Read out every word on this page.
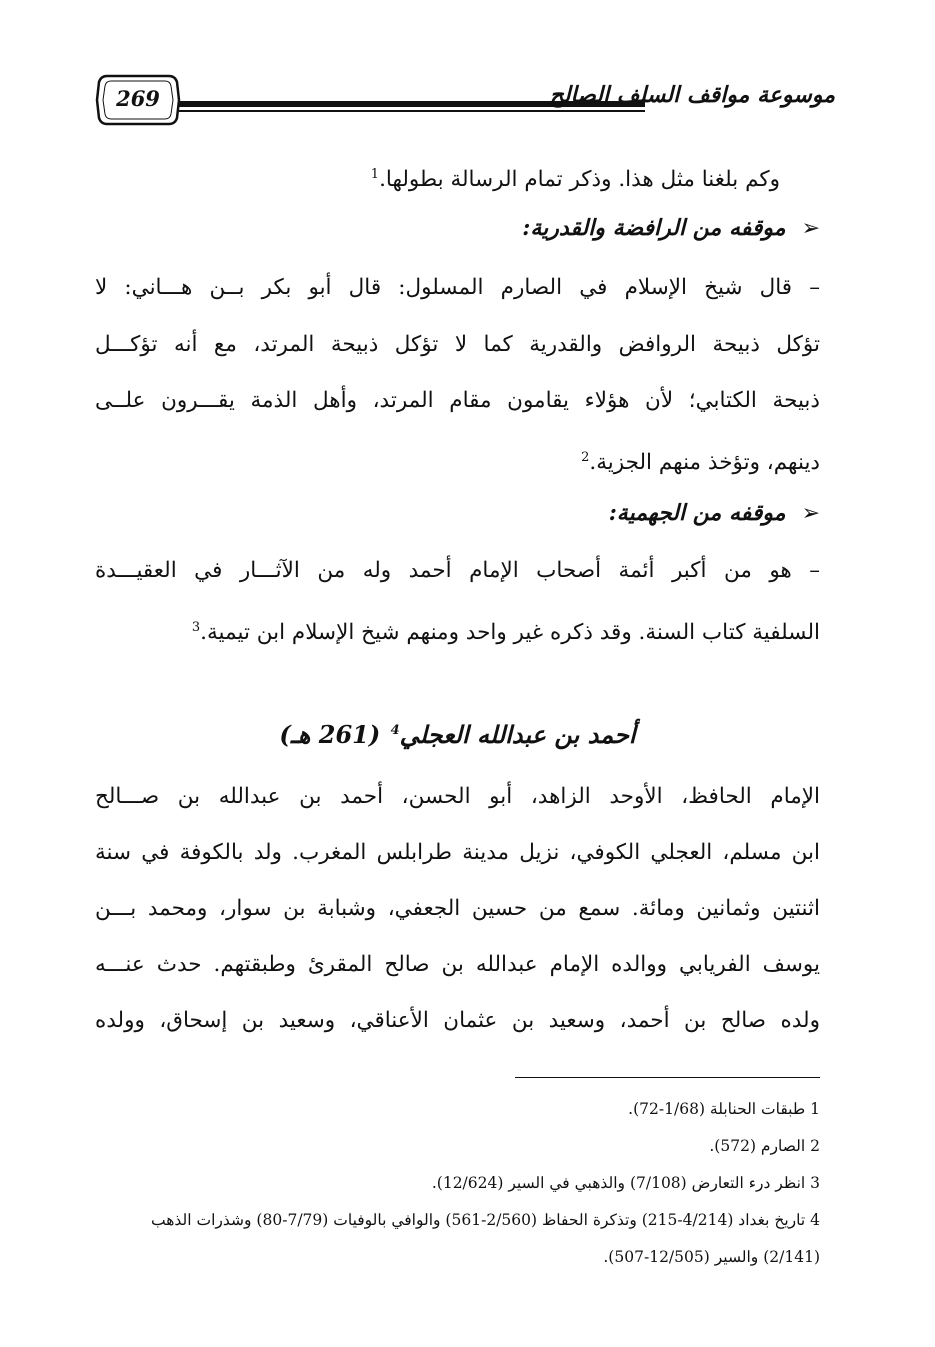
269	موسوعة مواقف السلف الصالح
وكم بلغنا مثل هذا. وذكر تمام الرسالة بطولها.$^1$
➢موقفه من الرافضة والقدرية:
– قال شيخ الإسلام في الصارم المسلول: قال أبو بكر بــن هـــاني: لا
تؤكل ذبيحة الروافض والقدرية كما لا تؤكل ذبيحة المرتد، مع أنه تؤكـــل
ذبيحة الكتابي؛ لأن هؤلاء يقامون مقام المرتد، وأهل الذمة يقـــرون علــى
دينهم، وتؤخذ منهم الجزية.$^2$
➢موقفه من الجهمية:
– هو من أكبر أئمة أصحاب الإمام أحمد وله من الآثـــار في العقيـــدة
السلفية كتاب السنة. وقد ذكره غير واحد ومنهم شيخ الإسلام ابن تيمية.$^3$
أحمد بن عبدالله العجلي$^4$ (261 هـ)
الإمام الحافظ، الأوحد الزاهد، أبو الحسن، أحمد بن عبدالله بن صـــالح
ابن مسلم، العجلي الكوفي، نزيل مدينة طرابلس المغرب. ولد بالكوفة في سنة
اثنتين وثمانين ومائة. سمع من حسين الجعفي، وشبابة بن سوار، ومحمد بـــن
يوسف الفريابي ووالده الإمام عبدالله بن صالح المقرئ وطبقتهم. حدث عنـــه
ولده صالح بن أحمد، وسعيد بن عثمان الأعناقي، وسعيد بن إسحاق، وولده
1 طبقات الحنابلة (1/68-72).
2 الصارم (572).
3 انظر درء التعارض (7/108) والذهبي في السير (12/624).
4 تاريخ بغداد (4/214-215) وتذكرة الحفاظ (2/560-561) والوافي بالوفيات (7/79-80) وشذرات الذهب
(2/141) والسير (12/505-507).
